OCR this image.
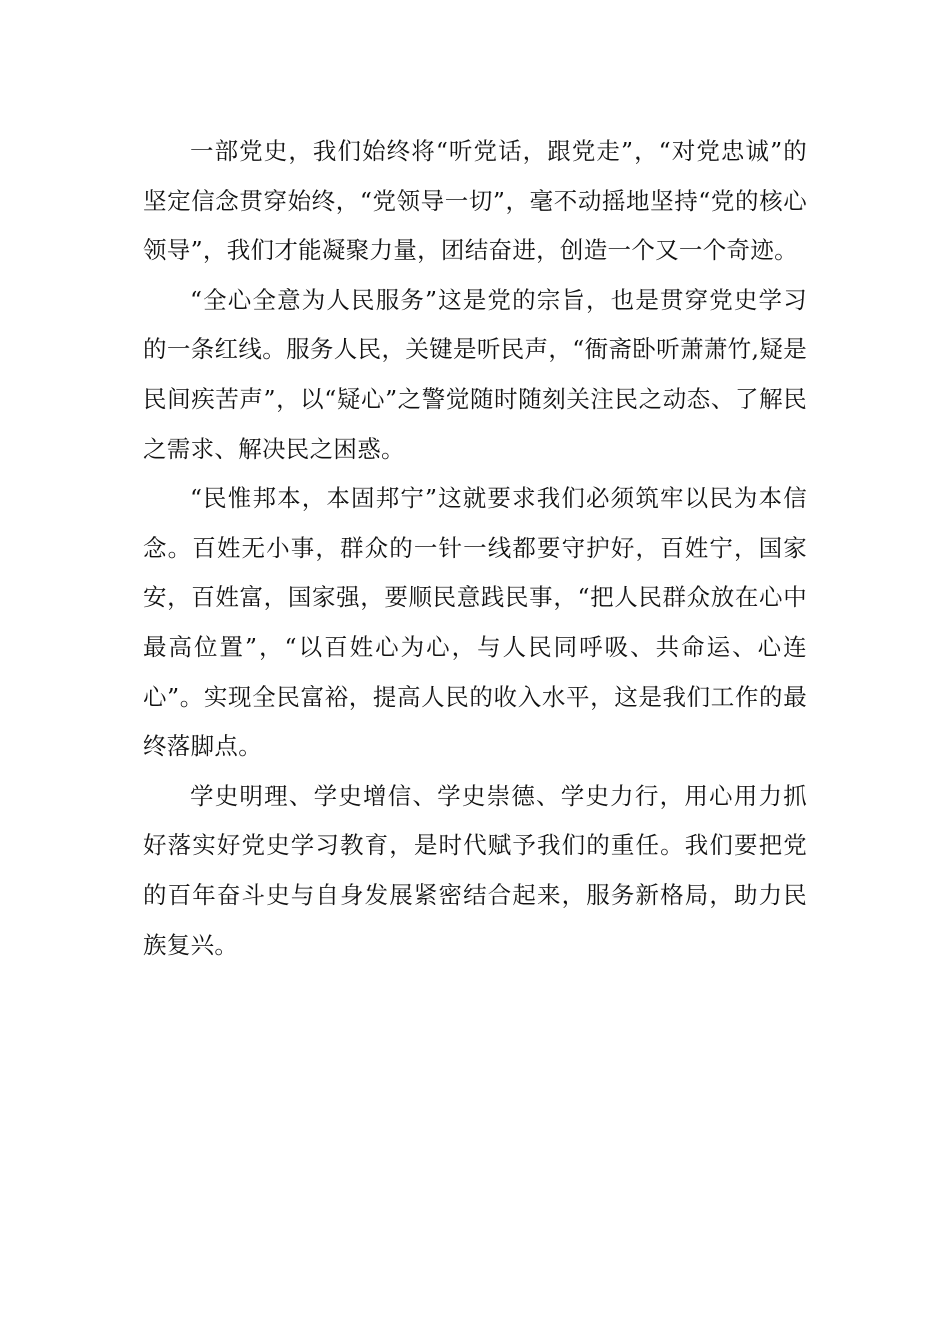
一部党史，我们始终将“听党话，跟党走”，“对党忠诚”的坚定信念贯穿始终，“党领导一切”，毫不动摇地坚持“党的核心领导”，我们才能凝聚力量，团结奋进，创造一个又一个奇迹。

“全心全意为人民服务”这是党的宗旨，也是贯穿党史学习的一条红线。服务人民，关键是听民声，“衙斋卧听萧萧竹,疑是民间疾苦声”，以“疑心”之警觉随时随刻关注民之动态、了解民之需求、解决民之困惑。

“民惟邦本，本固邦宁”这就要求我们必须筑牢以民为本信念。百姓无小事，群众的一针一线都要守护好，百姓宁，国家安，百姓富，国家强，要顺民意践民事，“把人民群众放在心中最高位置”，“以百姓心为心，与人民同呼吸、共命运、心连心”。实现全民富裕，提高人民的收入水平，这是我们工作的最终落脚点。

学史明理、学史增信、学史崇德、学史力行，用心用力抓好落实好党史学习教育，是时代赋予我们的重任。我们要把党的百年奋斗史与自身发展紧密结合起来，服务新格局，助力民族复兴。
